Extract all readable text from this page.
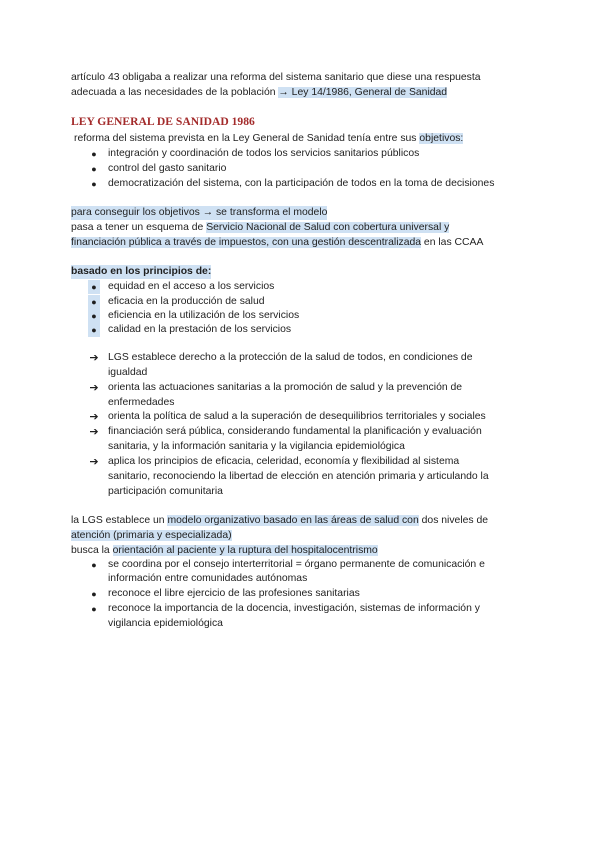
artículo 43 obligaba a realizar una reforma del sistema sanitario que diese una respuesta
adecuada a las necesidades de la población → Ley 14/1986, General de Sanidad
LEY GENERAL DE SANIDAD 1986
reforma del sistema prevista en la Ley General de Sanidad tenía entre sus objetivos:
●	integración y coordinación de todos los servicios sanitarios públicos
●	control del gasto sanitario
●	democratización del sistema, con la participación de todos en la toma de decisiones
para conseguir los objetivos → se transforma el modelo
pasa a tener un esquema de Servicio Nacional de Salud con cobertura universal y
financiación pública a través de impuestos, con una gestión descentralizada en las CCAA
basado en los principios de:
●	equidad en el acceso a los servicios
●	eficacia en la producción de salud
●	eficiencia en la utilización de los servicios
●	calidad en la prestación de los servicios
➔ LGS establece derecho a la protección de la salud de todos, en condiciones de
igualdad
➔ orienta las actuaciones sanitarias a la promoción de salud y la prevención de
enfermedades
➔ orienta la política de salud a la superación de desequilibrios territoriales y sociales
➔ financiación será pública, considerando fundamental la planificación y evaluación
sanitaria, y la información sanitaria y la vigilancia epidemiológica
➔ aplica los principios de eficacia, celeridad, economía y flexibilidad al sistema
sanitario, reconociendo la libertad de elección en atención primaria y articulando la
participación comunitaria
la LGS establece un modelo organizativo basado en las áreas de salud con dos niveles de
atención (primaria y especializada)
busca la orientación al paciente y la ruptura del hospitalocentrismo
●	se coordina por el consejo interterritorial = órgano permanente de comunicación e
información entre comunidades autónomas
●	reconoce el libre ejercicio de las profesiones sanitarias
●	reconoce la importancia de la docencia, investigación, sistemas de información y
vigilancia epidemiológica
